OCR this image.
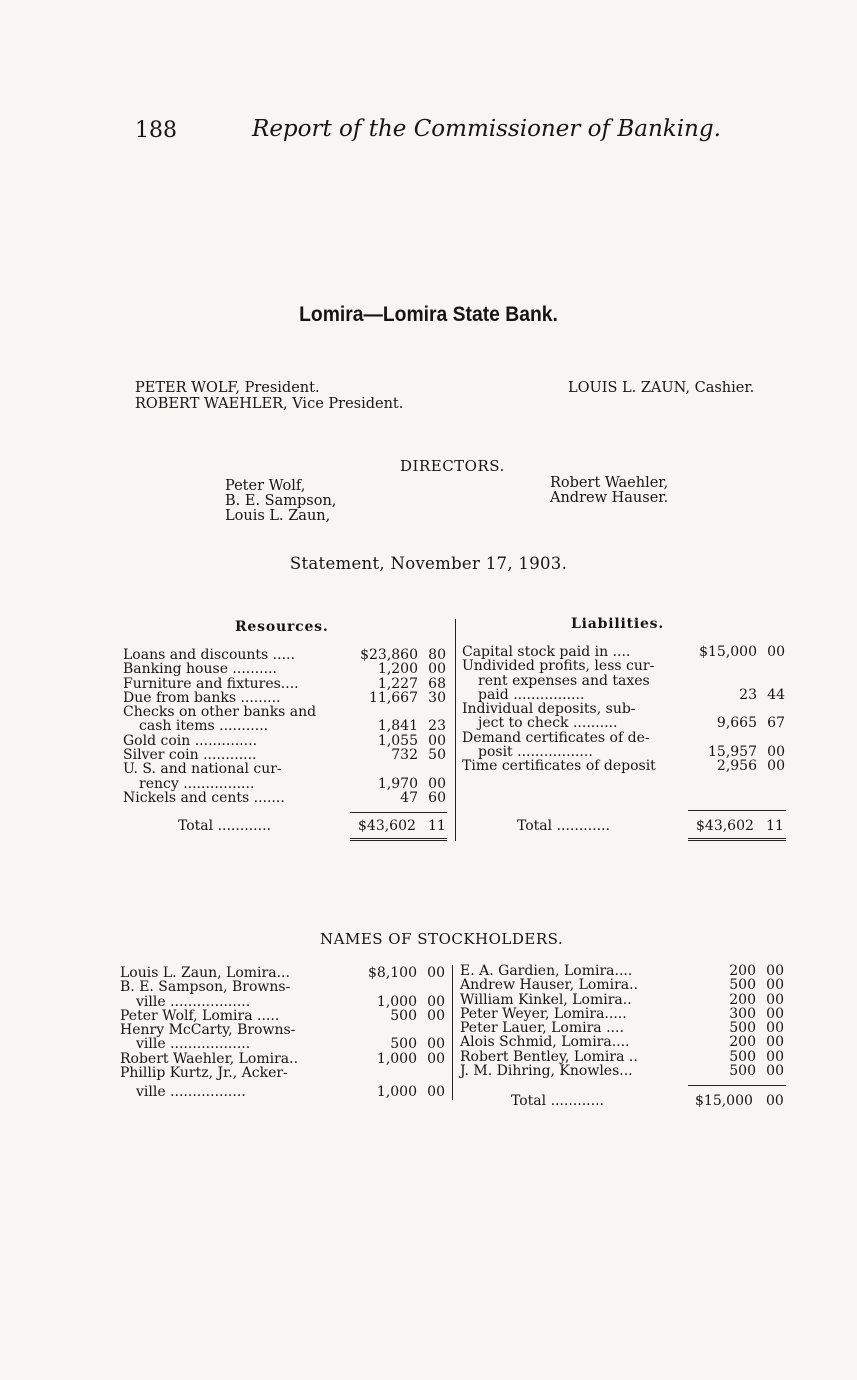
188	Report of the Commissioner of Banking.
Lomira—Lomira State Bank.
PETER WOLF, President.
ROBERT WAEHLER, Vice President.
LOUIS L. ZAUN, Cashier.
DIRECTORS.
Peter Wolf,
B. E. Sampson,
Louis L. Zaun,
Robert Waehler,
Andrew Hauser.
Statement, November 17, 1903.
Resources.	Liabilities.
Loans and discounts .....	$23,860 80
Banking house ..........	1,200 00
Furniture and fixtures....	1,227 68
Due from banks .........	11,667 30
Checks on other banks and
cash items ...........	1,841 23
Gold coin ..............	1,055 00
Silver coin ............	732 50
U. S. and national cur-
rency ................	1,970 00
Nickels and cents .......	47 60
Total ............	$43,602 11
Capital stock paid in ....	$15,000 00
Undivided profits, less cur-
rent expenses and taxes
paid ................	23 44
Individual deposits, sub-
ject to check ..........	9,665 67
Demand certificates of de-
posit .................	15,957 00
Time certificates of deposit	2,956 00
Total ............	$43,602 11
NAMES OF STOCKHOLDERS.
Louis L. Zaun, Lomira...	$8,100 00
B. E. Sampson, Browns-
ville ..................	1,000 00
Peter Wolf, Lomira .....	500 00
Henry McCarty, Browns-
ville ..................	500 00
Robert Waehler, Lomira..	1,000 00
Phillip Kurtz, Jr., Acker-
ville .................	1,000 00
E. A. Gardien, Lomira....	200 00
Andrew Hauser, Lomira..	500 00
William Kinkel, Lomira..	200 00
Peter Weyer, Lomira.....	300 00
Peter Lauer, Lomira ....	500 00
Alois Schmid, Lomira....	200 00
Robert Bentley, Lomira ..	500 00
J. M. Dihring, Knowles...	500 00
Total ............	$15,000 00
